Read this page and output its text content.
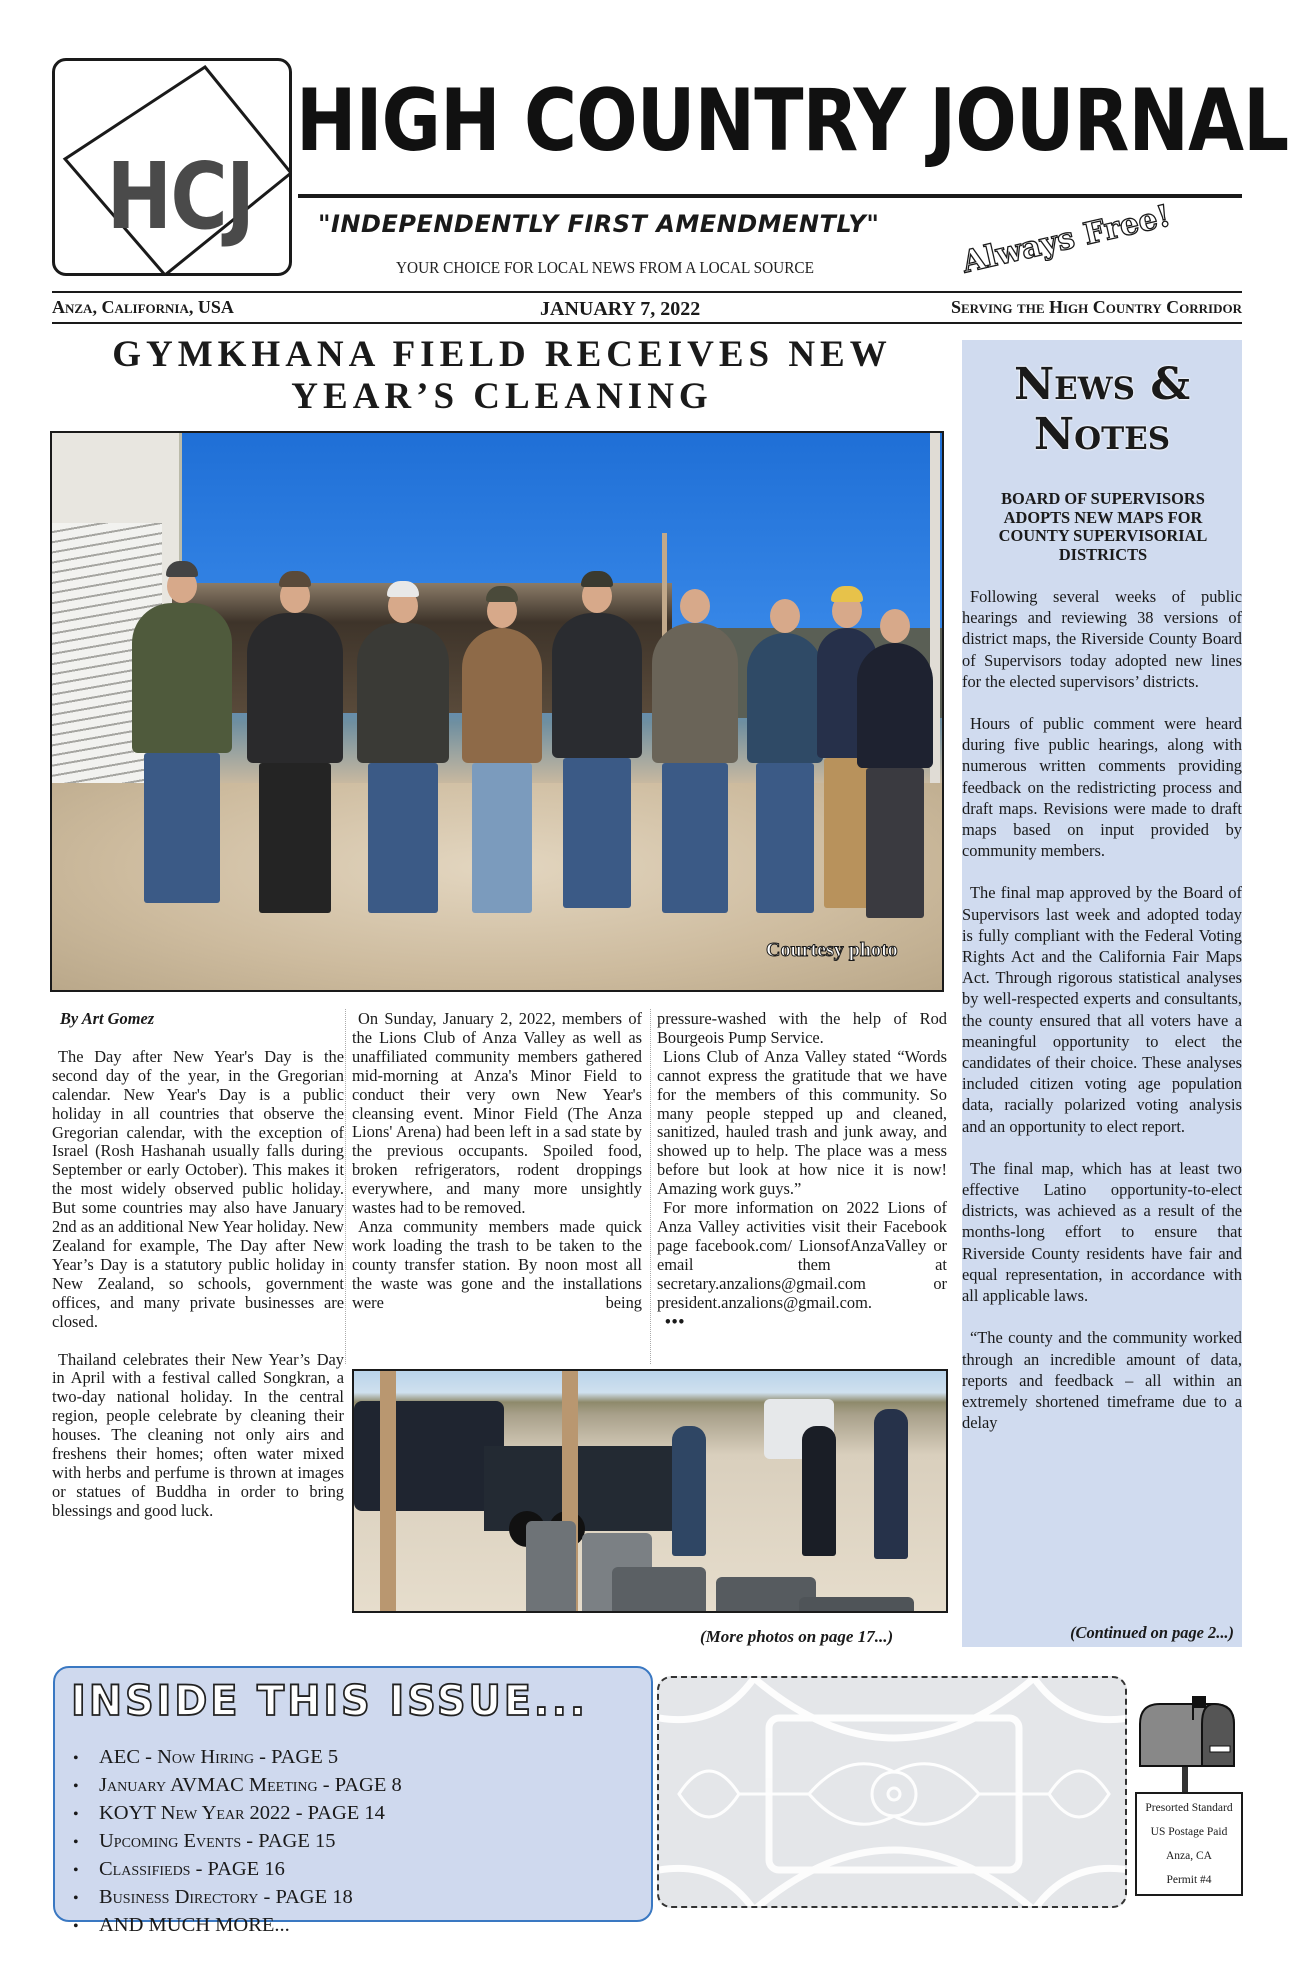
HCJ
HIGH COUNTRY JOURNAL
"INDEPENDENTLY FIRST AMENDMENTLY"
YOUR CHOICE FOR LOCAL NEWS FROM A LOCAL SOURCE	Always Free!
Anza, California, USA	JANUARY 7, 2022	Serving the High Country Corridor
GYMKHANA FIELD RECEIVES NEW
YEAR’S CLEANING
Courtesy photo

By Art Gomez

The Day after New Year's Day is the second day of the year, in the Gregorian calendar. New Year's Day is a public holiday in all countries that observe the Gregorian calendar, with the exception of Israel (Rosh Hashanah usually falls during September or early October). This makes it the most widely observed public holiday. But some countries may also have January 2nd as an additional New Year holiday. New Zealand for example, The Day after New Year’s Day is a statutory public holiday in New Zealand, so schools, government offices, and many private businesses are closed.

Thailand celebrates their New Year’s Day in April with a festival called Songkran, a two-day national holiday. In the central region, people celebrate by cleaning their houses. The cleaning not only airs and freshens their homes; often water mixed with herbs and perfume is thrown at images or statues of Buddha in order to bring blessings and good luck.

On Sunday, January 2, 2022, members of the Lions Club of Anza Valley as well as unaffiliated community members gathered mid-morning at Anza's Minor Field to conduct their very own New Year's cleansing event. Minor Field (The Anza Lions' Arena) had been left in a sad state by the previous occupants. Spoiled food, broken refrigerators, rodent droppings everywhere, and many more unsightly wastes had to be removed.

Anza community members made quick work loading the trash to be taken to the county transfer station. By noon most all the waste was gone and the installations were being

pressure-washed with the help of Rod Bourgeois Pump Service.

Lions Club of Anza Valley stated “Words cannot express the gratitude that we have for the members of this community. So many people stepped up and cleaned, sanitized, hauled trash and junk away, and showed up to help. The place was a mess before but look at how nice it is now! Amazing work guys.”

For more information on 2022 Lions of Anza Valley activities visit their Facebook page facebook.com/ LionsofAnzaValley or email them at secretary.anzalions@gmail.com or president.anzalions@gmail.com.

•••

(More photos on page 17...)
News &
Notes
BOARD OF SUPERVISORS ADOPTS NEW MAPS FOR COUNTY SUPERVISORIAL DISTRICTS

Following several weeks of public hearings and reviewing 38 versions of district maps, the Riverside County Board of Supervisors today adopted new lines for the elected supervisors’ districts.

Hours of public comment were heard during five public hearings, along with numerous written comments providing feedback on the redistricting process and draft maps. Revisions were made to draft maps based on input provided by community members.

The final map approved by the Board of Supervisors last week and adopted today is fully compliant with the Federal Voting Rights Act and the California Fair Maps Act. Through rigorous statistical analyses by well-respected experts and consultants, the county ensured that all voters have a meaningful opportunity to elect the candidates of their choice. These analyses included citizen voting age population data, racially polarized voting analysis and an opportunity to elect report.

The final map, which has at least two effective Latino opportunity-to-elect districts, was achieved as a result of the months-long effort to ensure that Riverside County residents have fair and equal representation, in accordance with all applicable laws.

“The county and the community worked through an incredible amount of data, reports and feedback – all within an extremely shortened timeframe due to a delay

(Continued on page 2...)
INSIDE THIS ISSUE...
• AEC - Now Hiring - PAGE 5
• January AVMAC Meeting - PAGE 8
• KOYT New Year 2022 - PAGE 14
• Upcoming Events - PAGE 15
• Classifieds - PAGE 16
• Business Directory - PAGE 18
• AND MUCH MORE...
Presorted Standard
US Postage Paid
Anza, CA
Permit #4
